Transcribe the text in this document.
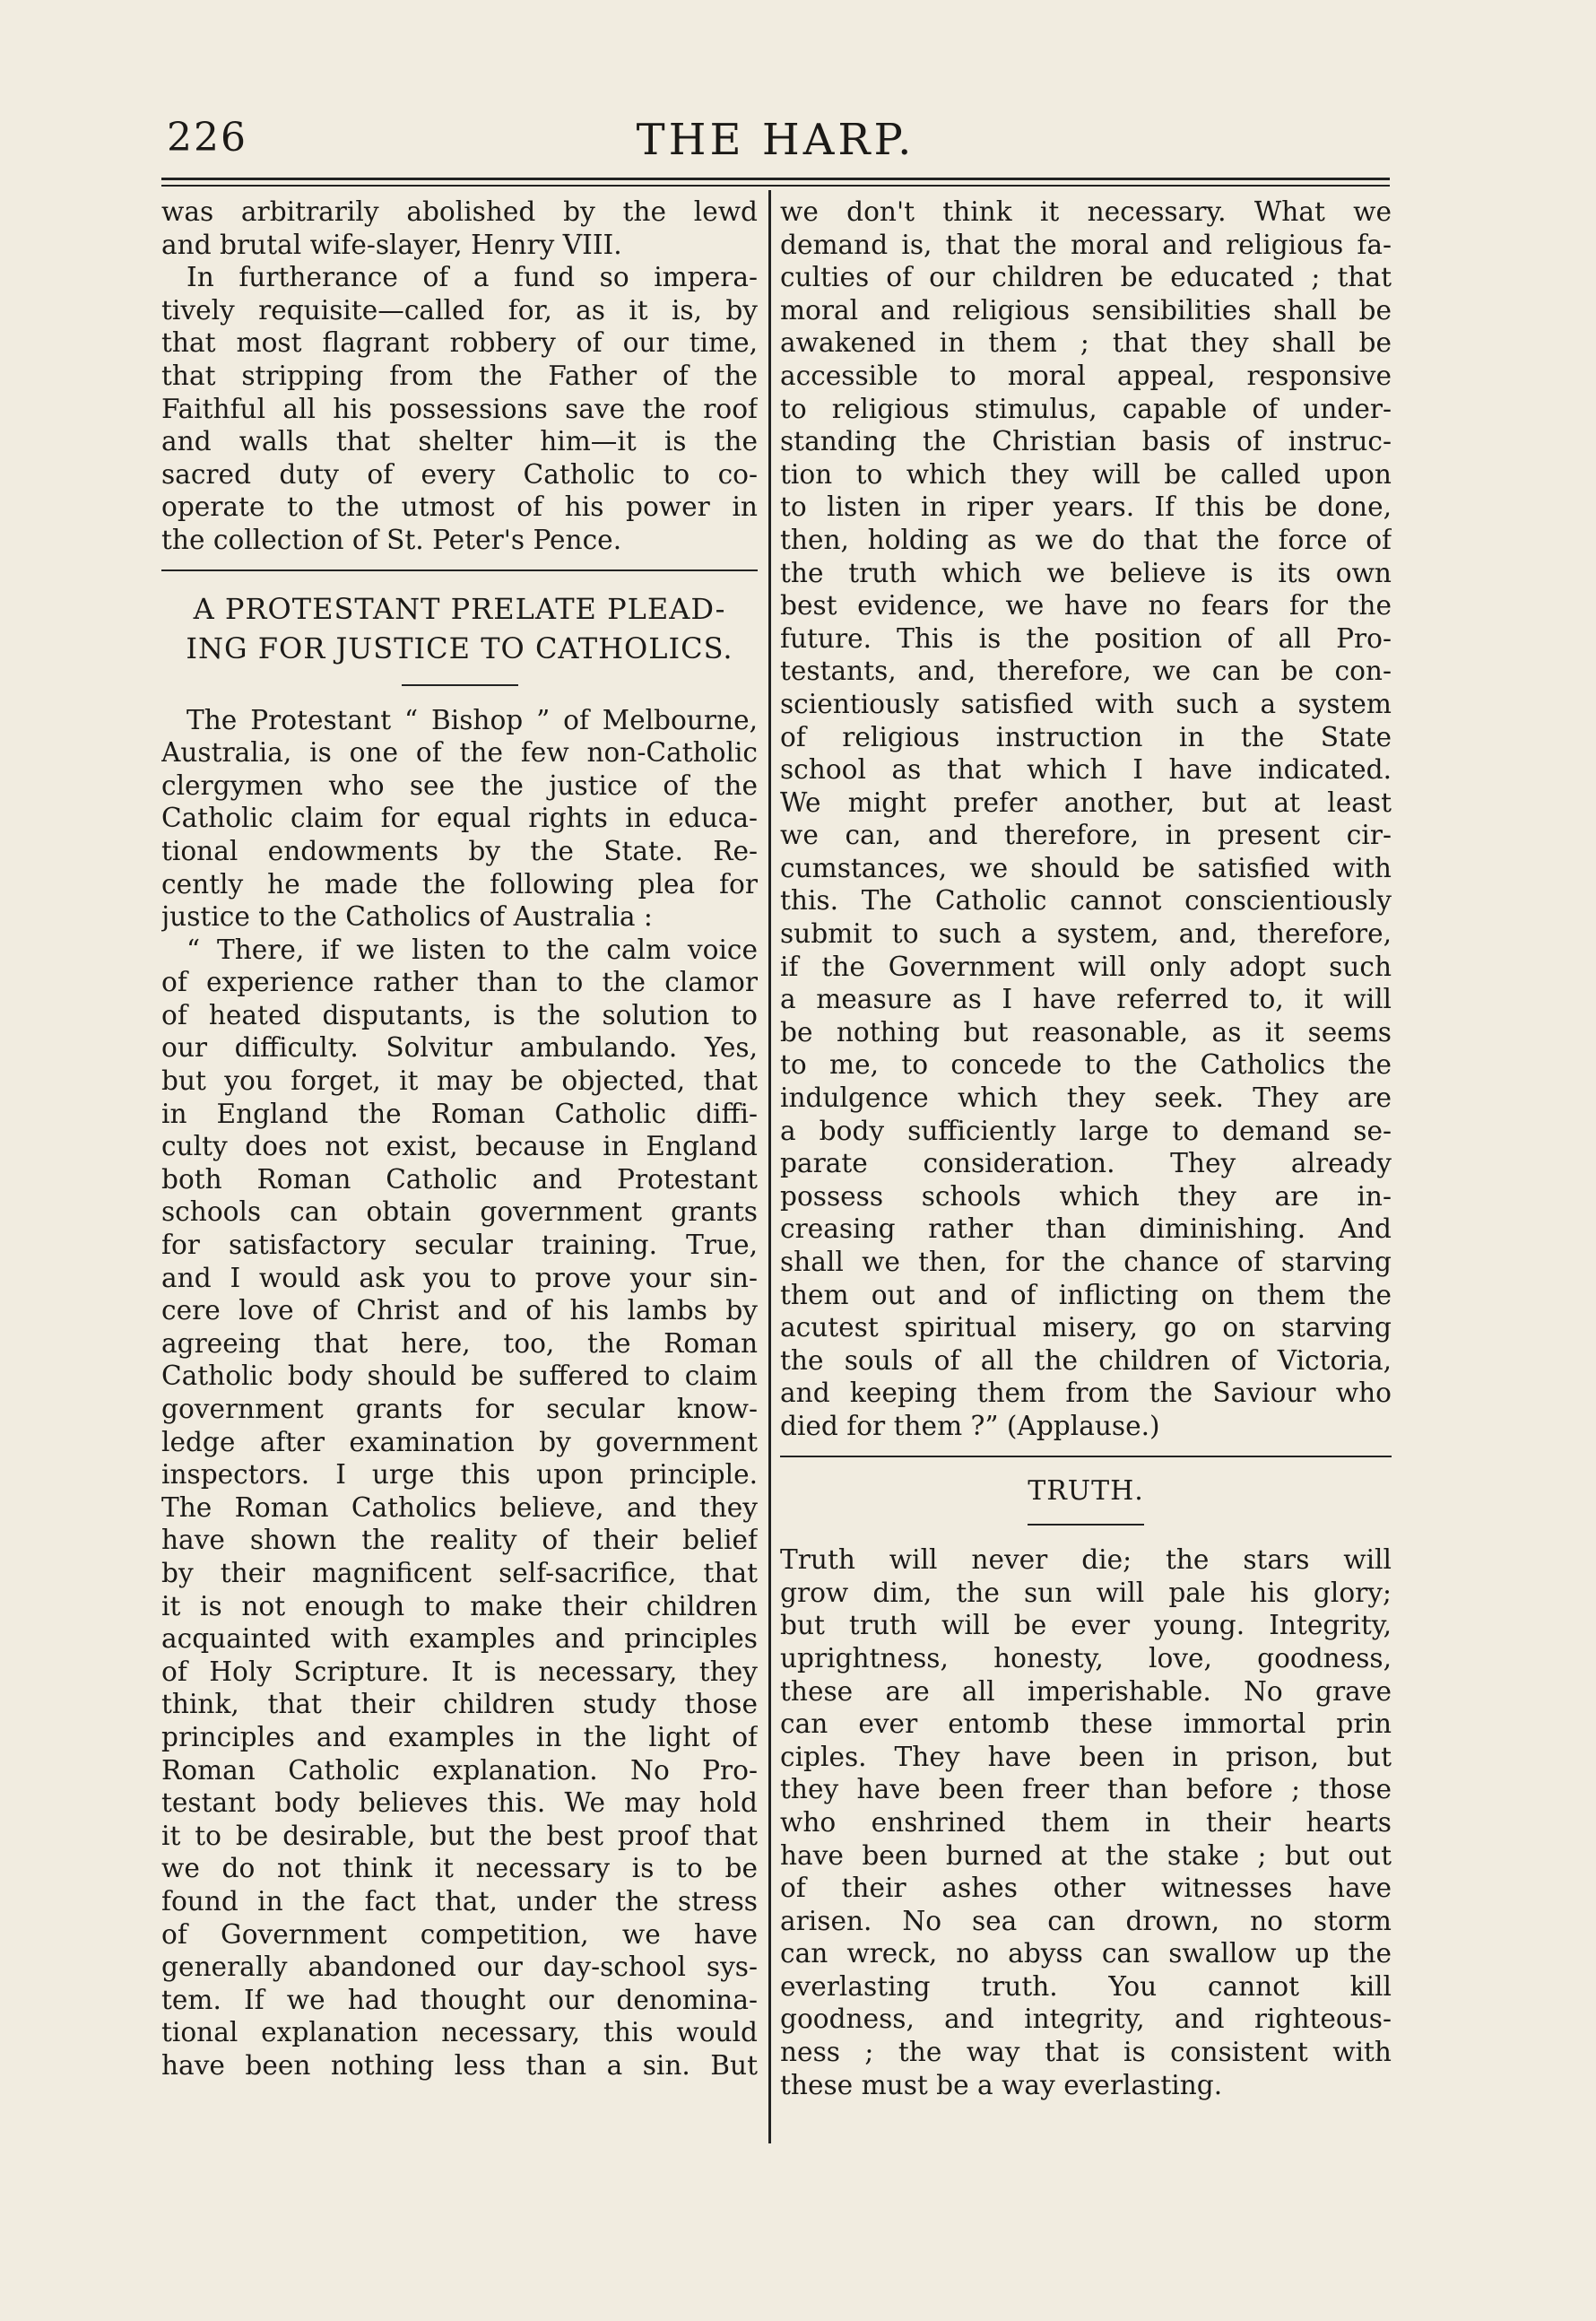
226	THE HARP.
was arbitrarily abolished by the lewd
and brutal wife-slayer, Henry VIII.
In furtherance of a fund so impera-
tively requisite—called for, as it is, by
that most flagrant robbery of our time,
that stripping from the Father of the
Faithful all his possessions save the roof
and walls that shelter him—it is the
sacred duty of every Catholic to co-
operate to the utmost of his power in
the collection of St. Peter's Pence.
A PROTESTANT PRELATE PLEAD-
ING FOR JUSTICE TO CATHOLICS.
The Protestant “ Bishop ” of Melbourne,
Australia, is one of the few non-Catholic
clergymen who see the justice of the
Catholic claim for equal rights in educa-
tional endowments by the State. Re-
cently he made the following plea for
justice to the Catholics of Australia :
“ There, if we listen to the calm voice
of experience rather than to the clamor
of heated disputants, is the solution to
our difficulty. Solvitur ambulando. Yes,
but you forget, it may be objected, that
in England the Roman Catholic diffi-
culty does not exist, because in England
both Roman Catholic and Protestant
schools can obtain government grants
for satisfactory secular training. True,
and I would ask you to prove your sin-
cere love of Christ and of his lambs by
agreeing that here, too, the Roman
Catholic body should be suffered to claim
government grants for secular know-
ledge after examination by government
inspectors. I urge this upon principle.
The Roman Catholics believe, and they
have shown the reality of their belief
by their magnificent self-sacrifice, that
it is not enough to make their children
acquainted with examples and principles
of Holy Scripture. It is necessary, they
think, that their children study those
principles and examples in the light of
Roman Catholic explanation. No Pro-
testant body believes this. We may hold
it to be desirable, but the best proof that
we do not think it necessary is to be
found in the fact that, under the stress
of Government competition, we have
generally abandoned our day-school sys-
tem. If we had thought our denomina-
tional explanation necessary, this would
have been nothing less than a sin. But
we don't think it necessary. What we
demand is, that the moral and religious fa-
culties of our children be educated ; that
moral and religious sensibilities shall be
awakened in them ; that they shall be
accessible to moral appeal, responsive
to religious stimulus, capable of under-
standing the Christian basis of instruc-
tion to which they will be called upon
to listen in riper years. If this be done,
then, holding as we do that the force of
the truth which we believe is its own
best evidence, we have no fears for the
future. This is the position of all Pro-
testants, and, therefore, we can be con-
scientiously satisfied with such a system
of religious instruction in the State
school as that which I have indicated.
We might prefer another, but at least
we can, and therefore, in present cir-
cumstances, we should be satisfied with
this. The Catholic cannot conscientiously
submit to such a system, and, therefore,
if the Government will only adopt such
a measure as I have referred to, it will
be nothing but reasonable, as it seems
to me, to concede to the Catholics the
indulgence which they seek. They are
a body sufficiently large to demand se-
parate consideration. They already
possess schools which they are in-
creasing rather than diminishing. And
shall we then, for the chance of starving
them out and of inflicting on them the
acutest spiritual misery, go on starving
the souls of all the children of Victoria,
and keeping them from the Saviour who
died for them ?” (Applause.)
TRUTH.
Truth will never die; the stars will
grow dim, the sun will pale his glory;
but truth will be ever young. Integrity,
uprightness, honesty, love, goodness,
these are all imperishable. No grave
can ever entomb these immortal prin
ciples. They have been in prison, but
they have been freer than before ; those
who enshrined them in their hearts
have been burned at the stake ; but out
of their ashes other witnesses have
arisen. No sea can drown, no storm
can wreck, no abyss can swallow up the
everlasting truth. You cannot kill
goodness, and integrity, and righteous-
ness ; the way that is consistent with
these must be a way everlasting.
